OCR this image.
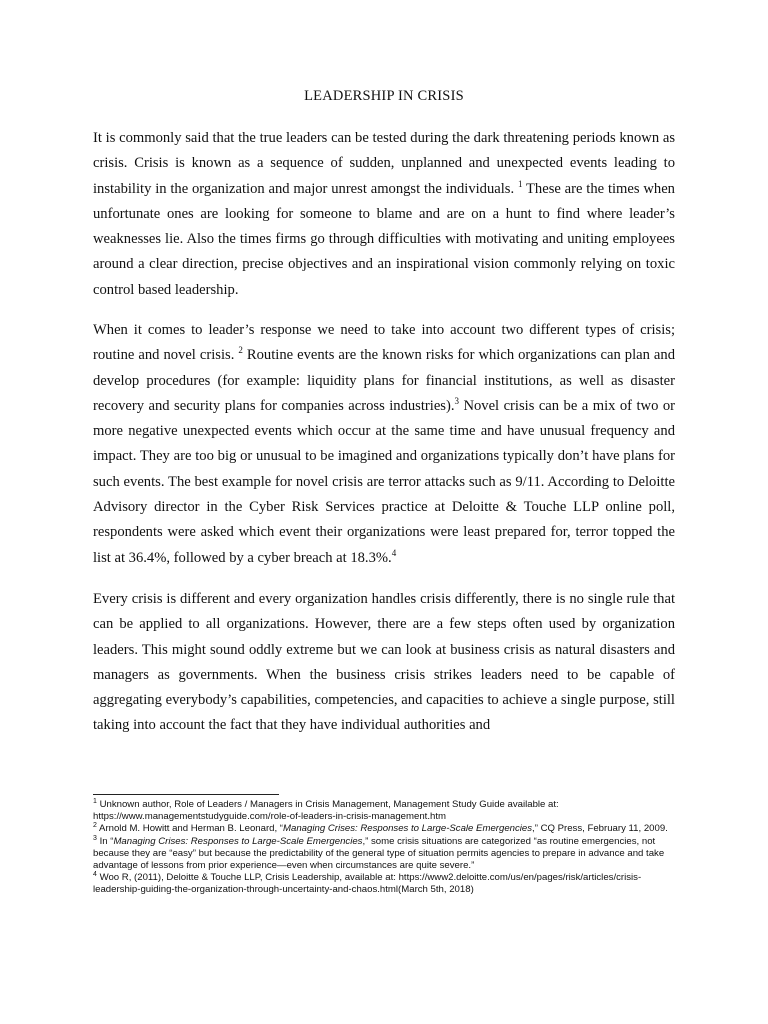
LEADERSHIP IN CRISIS

It is commonly said that the true leaders can be tested during the dark threatening periods known as crisis. Crisis is known as a sequence of sudden, unplanned and unexpected events leading to instability in the organization and major unrest amongst the individuals. $^1$ These are the times when unfortunate ones are looking for someone to blame and are on a hunt to find where leader’s weaknesses lie. Also the times firms go through difficulties with motivating and uniting employees around a clear direction, precise objectives and an inspirational vision commonly relying on toxic control based leadership.

When it comes to leader’s response we need to take into account two different types of crisis; routine and novel crisis. $^2$ Routine events are the known risks for which organizations can plan and develop procedures (for example: liquidity plans for financial institutions, as well as disaster recovery and security plans for companies across industries).$^3$ Novel crisis can be a mix of two or more negative unexpected events which occur at the same time and have unusual frequency and impact. They are too big or unusual to be imagined and organizations typically don’t have plans for such events. The best example for novel crisis are terror attacks such as 9/11. According to Deloitte Advisory director in the Cyber Risk Services practice at Deloitte & Touche LLP online poll, respondents were asked which event their organizations were least prepared for, terror topped the list at 36.4%, followed by a cyber breach at 18.3%.$^4$

Every crisis is different and every organization handles crisis differently, there is no single rule that can be applied to all organizations. However, there are a few steps often used by organization leaders. This might sound oddly extreme but we can look at business crisis as natural disasters and managers as governments. When the business crisis strikes leaders need to be capable of aggregating everybody’s capabilities, competencies, and capacities to achieve a single purpose, still taking into account the fact that they have individual authorities and

$^1$ Unknown author, Role of Leaders / Managers in Crisis Management, Management Study Guide available at: https://www.managementstudyguide.com/role-of-leaders-in-crisis-management.htm

$^2$ Arnold M. Howitt and Herman B. Leonard, “Managing Crises: Responses to Large-Scale Emergencies,” CQ Press, February 11, 2009.

$^3$ In “Managing Crises: Responses to Large-Scale Emergencies,” some crisis situations are categorized “as routine emergencies, not because they are “easy” but because the predictability of the general type of situation permits agencies to prepare in advance and take advantage of lessons from prior experience—even when circumstances are quite severe.”

$^4$ Woo R, (2011), Deloitte & Touche LLP, Crisis Leadership, available at: https://www2.deloitte.com/us/en/pages/risk/articles/crisis-leadership-guiding-the-organization-through-uncertainty-and-chaos.html(March 5th, 2018)
